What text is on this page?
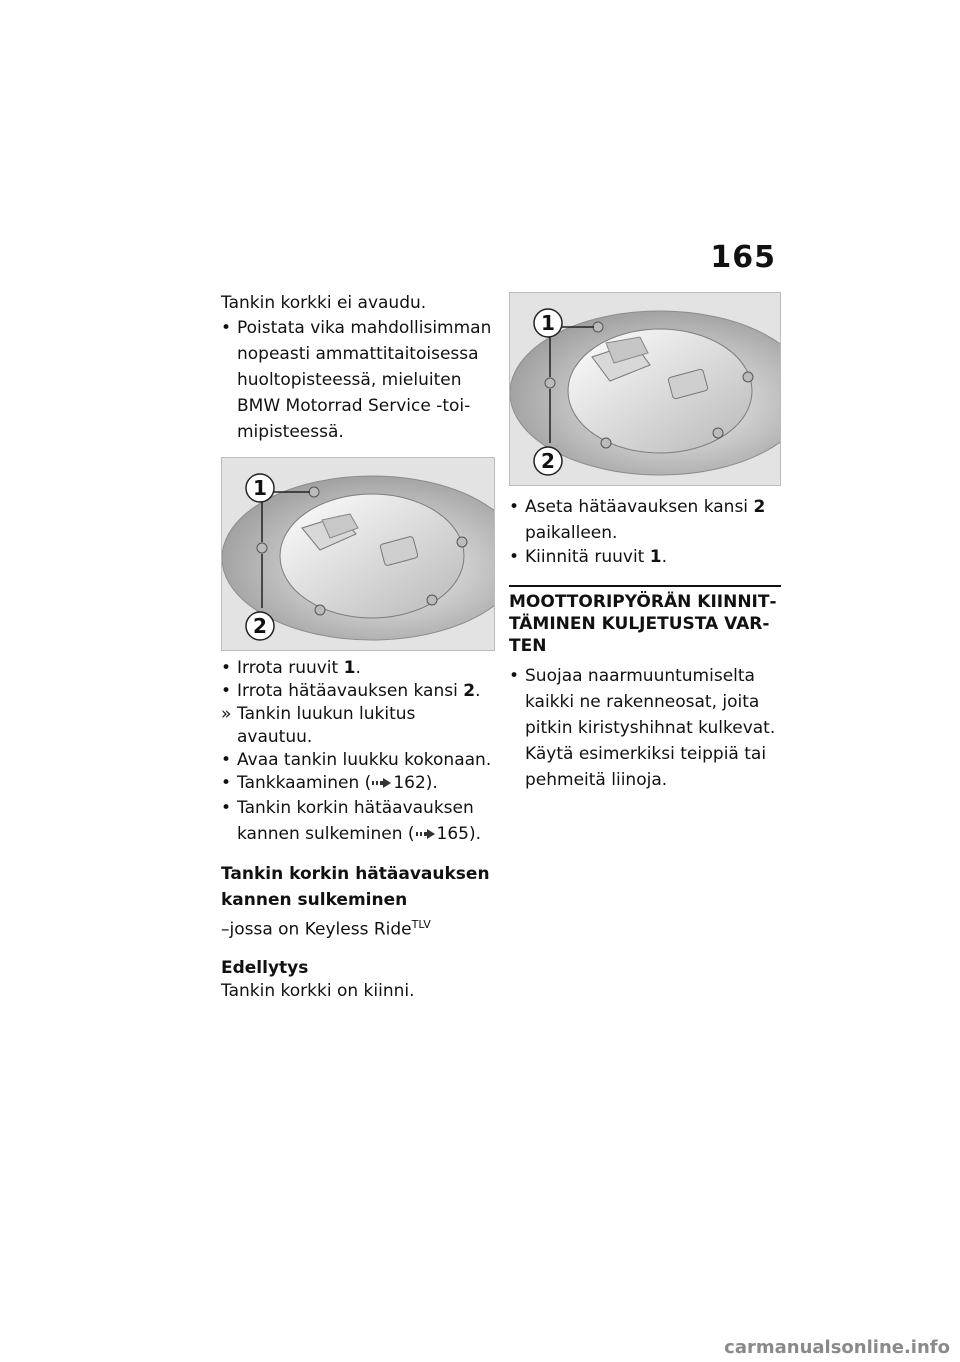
165

Tankin korkki ei avaudu.

• Poistata vika mahdollisimman nopeasti ammattitaitoisessa huoltopisteessä, mieluiten BMW Motorrad Service -toimipisteessä.
1
2
• Irrota ruuvit 1.
• Irrota hätäavauksen kansi 2.
» Tankin luukun lukitus avautuu.
• Avaa tankin luukku kokonaan.
• Tankkaaminen ( 162).
• Tankin korkin hätäavauksen kannen sulkeminen ( 165).

Tankin korkin hätäavauksen kannen sulkeminen

–jossa on Keyless Ride$^{TLV}$

Edellytys

Tankin korkki on kiinni.

1
2
• Aseta hätäavauksen kansi 2 paikalleen.
• Kiinnitä ruuvit 1.

MOOTTORIPYÖRÄN KIINNITTÄMINEN KULJETUSTA VARTEN

• Suojaa naarmuuntumiselta kaikki ne rakenneosat, joita pitkin kiristyshihnat kulkevat. Käytä esimerkiksi teippiä tai pehmeitä liinoja.
carmanualsonline.info
